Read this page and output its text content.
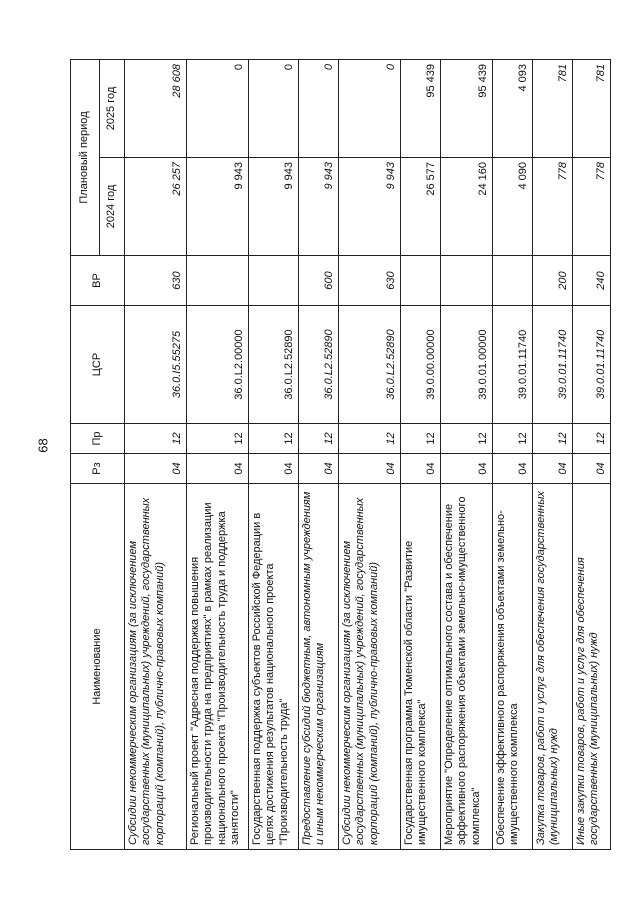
68
Наименование	Рз	Пр	ЦСР	ВР	Плановый период	
					2024 год	2025 год
Субсидии некоммерческим организациям (за исключением государственных (муниципальных) учреждений, государственных корпораций (компаний), публично-правовых компаний)	04	12	36.0.I5.55275	630	26 257	28 608
Региональный проект "Адресная поддержка повышения производительности труда на предприятиях" в рамках реализации национального проекта "Производительность труда и поддержка занятости"	04	12	36.0.L2.00000		9 943	0
Государственная поддержка субъектов Российской Федерации в целях достижения результатов национального проекта "Производительность труда"	04	12	36.0.L2.52890		9 943	0
Предоставление субсидий бюджетным, автономным учреждениям и иным некоммерческим организациям	04	12	36.0.L2.52890	600	9 943	0
Субсидии некоммерческим организациям (за исключением государственных (муниципальных) учреждений, государственных корпораций (компаний), публично-правовых компаний)	04	12	36.0.L2.52890	630	9 943	0
Государственная программа Тюменской области "Развитие имущественного комплекса"	04	12	39.0.00.00000		26 577	95 439
Мероприятие "Определение оптимального состава и обеспечение эффективного распоряжения объектами земельно-имущественного комплекса"	04	12	39.0.01.00000		24 160	95 439
Обеспечение эффективного распоряжения объектами земельно-имущественного комплекса	04	12	39.0.01.11740		4 090	4 093
Закупка товаров, работ и услуг для обеспечения государственных (муниципальных) нужд	04	12	39.0.01.11740	200	778	781
Иные закупки товаров, работ и услуг для обеспечения государственных (муниципальных) нужд	04	12	39.0.01.11740	240	778	781
